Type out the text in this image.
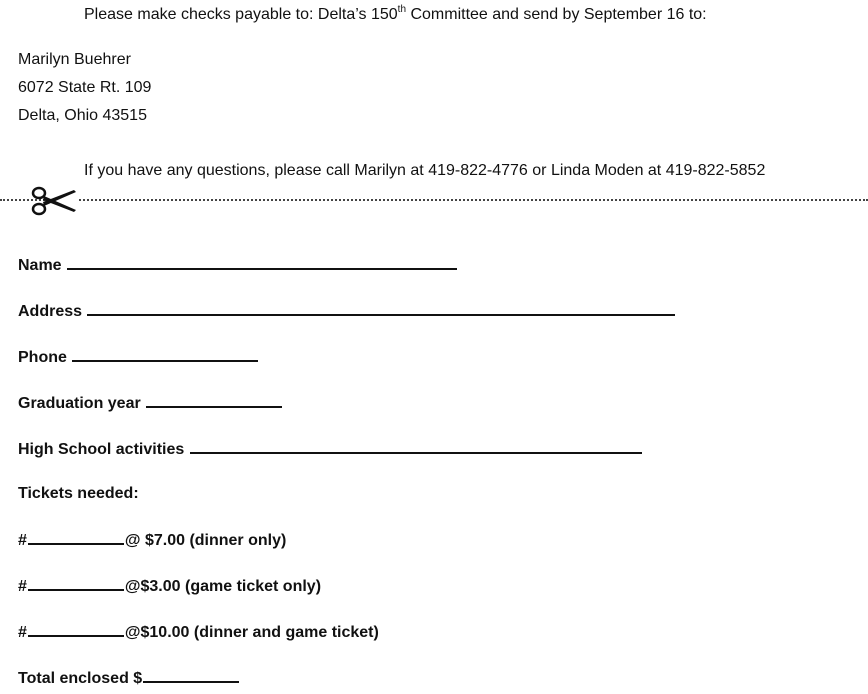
Please make checks payable to: Delta’s 150th Committee and send by September 16 to:
Marilyn Buehrer
6072 State Rt. 109
Delta, Ohio 43515
If you have any questions, please call Marilyn at 419-822-4776 or Linda Moden at 419-822-5852
Name
Address
Phone
Graduation year
High School activities
Tickets needed:
#	@ $7.00 (dinner only)
#	@$3.00 (game ticket only)
#	@$10.00 (dinner and game ticket)
Total enclosed $
